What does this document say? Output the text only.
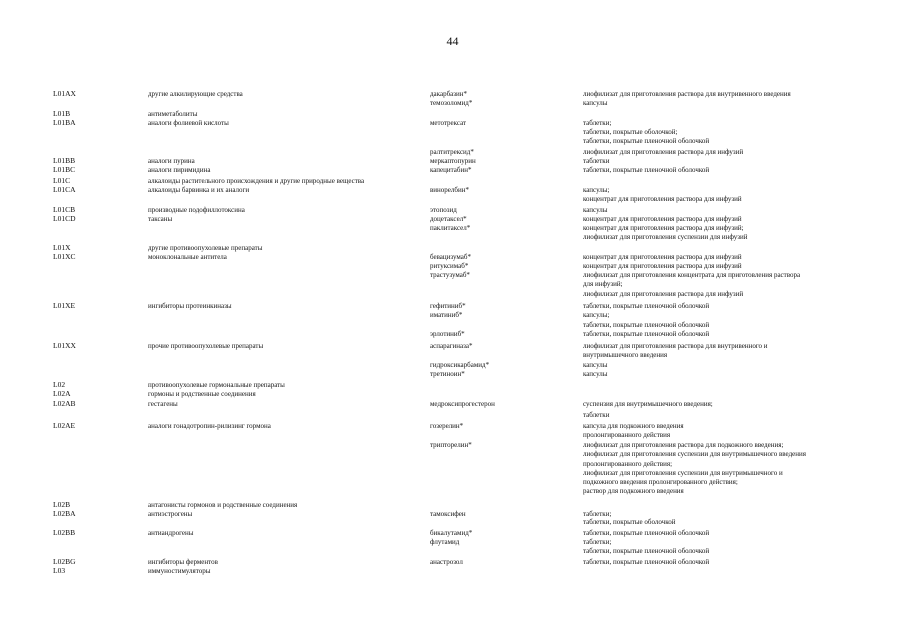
44
L01AX	другие алкилирующие средства	дакарбазин*	лиофилизат для приготовления раствора для внутривенного введения
темозоломид*	капсулы
L01B	антиметаболиты
L01BA	аналоги фолиевой кислоты	метотрексат	таблетки;
таблетки, покрытые оболочкой;
таблетки, покрытые пленочной оболочкой
ралтитрексид*	лиофилизат для приготовления раствора для инфузий
L01BB	аналоги пурина	меркаптопурин	таблетки
L01BC	аналоги пиримидина	капецитабин*	таблетки, покрытые пленочной оболочкой
L01C	алкалоиды растительного происхождения и другие природные вещества
L01CA	алкалоиды барвинка и их аналоги	винорелбин*	капсулы;
концентрат для приготовления раствора для инфузий
L01CB	производные подофиллотоксина	этопозид	капсулы
L01CD	таксаны	доцетаксел*	концентрат для приготовления раствора для инфузий
паклитаксел*	концентрат для приготовления раствора для инфузий;
лиофилизат для приготовления суспензии для инфузий
L01X	другие противоопухолевые препараты
L01XC	моноклональные антитела	бевацизумаб*	концентрат для приготовления раствора для инфузий
ритуксимаб*	концентрат для приготовления раствора для инфузий
трастузумаб*	лиофилизат для приготовления концентрата для приготовления раствора
для инфузий;
лиофилизат для приготовления раствора для инфузий
L01XE	ингибиторы протеинкиназы	гефитиниб*	таблетки, покрытые пленочной оболочкой
иматиниб*	капсулы;
таблетки, покрытые пленочной оболочкой
эрлотиниб*	таблетки, покрытые пленочной оболочкой
L01XX	прочие противоопухолевые препараты	аспарагиназа*	лиофилизат для приготовления раствора для внутривенного и
внутримышечного введения
гидроксикарбамид*	капсулы
третиноин*	капсулы
L02	противоопухолевые гормональные препараты
L02A	гормоны и родственные соединения
L02AB	гестагены	медроксипрогестерон	суспензия для внутримышечного введения;
таблетки
L02AE	аналоги гонадотропин-рилизинг гормона	гозерелин*	капсула для подкожного введения
пролонгированного действия
трипторелин*	лиофилизат для приготовления раствора для подкожного введения;
лиофилизат для приготовления суспензии для внутримышечного введения
пролонгированного действия;
лиофилизат для приготовления суспензии для внутримышечного и
подкожного введения пролонгированного действия;
раствор для подкожного введения
L02B	антагонисты гормонов и родственные соединения
L02BA	антиэстрогены	тамоксифен	таблетки;
таблетки, покрытые оболочкой
L02BB	антиандрогены	бикалутамид*	таблетки, покрытые пленочной оболочкой
флутамид	таблетки;
таблетки, покрытые пленочной оболочкой
L02BG	ингибиторы ферментов	анастрозол	таблетки, покрытые пленочной оболочкой
L03	иммуностимуляторы
